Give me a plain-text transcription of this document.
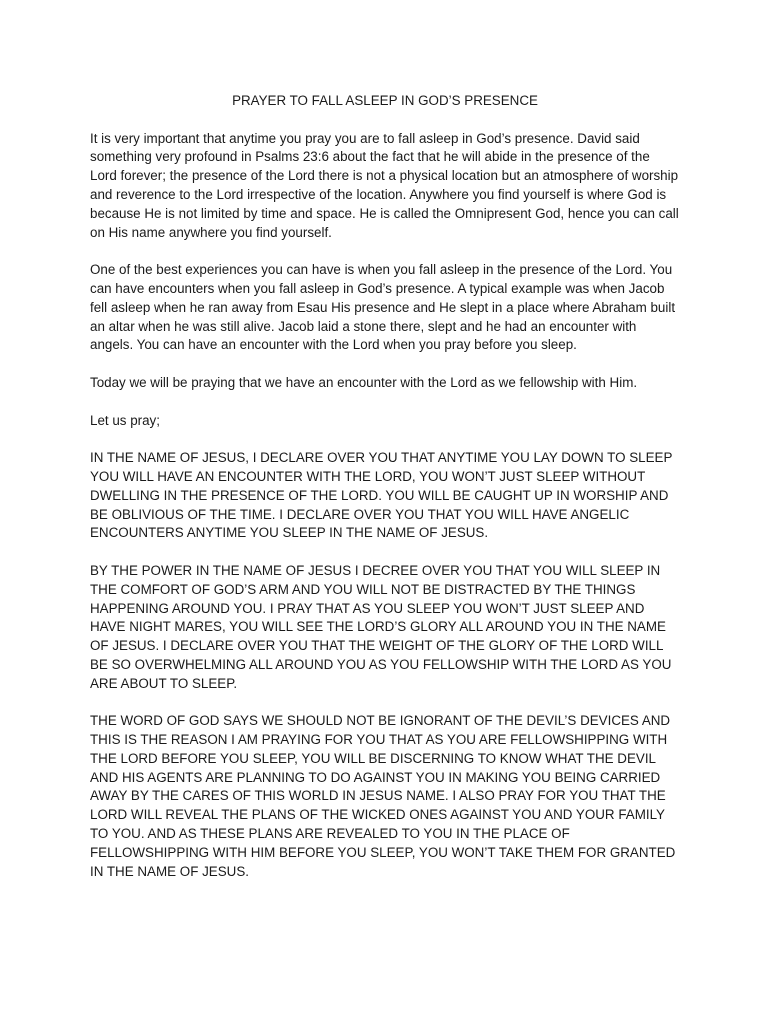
PRAYER TO FALL ASLEEP IN GOD’S PRESENCE

It is very important that anytime you pray you are to fall asleep in God’s presence. David said something very profound in Psalms 23:6 about the fact that he will abide in the presence of the Lord forever; the presence of the Lord there is not a physical location but an atmosphere of worship and reverence to the Lord irrespective of the location. Anywhere you find yourself is where God is because He is not limited by time and space. He is called the Omnipresent God, hence you can call on His name anywhere you find yourself.

One of the best experiences you can have is when you fall asleep in the presence of the Lord. You can have encounters when you fall asleep in God’s presence. A typical example was when Jacob fell asleep when he ran away from Esau His presence and He slept in a place where Abraham built an altar when he was still alive. Jacob laid a stone there, slept and he had an encounter with angels. You can have an encounter with the Lord when you pray before you sleep.

Today we will be praying that we have an encounter with the Lord as we fellowship with Him.

Let us pray;

IN THE NAME OF JESUS, I DECLARE OVER YOU THAT ANYTIME YOU LAY DOWN TO SLEEP YOU WILL HAVE AN ENCOUNTER WITH THE LORD, YOU WON’T JUST SLEEP WITHOUT DWELLING IN THE PRESENCE OF THE LORD. YOU WILL BE CAUGHT UP IN WORSHIP AND BE OBLIVIOUS OF THE TIME. I DECLARE OVER YOU THAT YOU WILL HAVE ANGELIC ENCOUNTERS ANYTIME YOU SLEEP IN THE NAME OF JESUS.

BY THE POWER IN THE NAME OF JESUS I DECREE OVER YOU THAT YOU WILL SLEEP IN THE COMFORT OF GOD’S ARM AND YOU WILL NOT BE DISTRACTED BY THE THINGS HAPPENING AROUND YOU. I PRAY THAT AS YOU SLEEP YOU WON’T JUST SLEEP AND HAVE NIGHT MARES, YOU WILL SEE THE LORD’S GLORY ALL AROUND YOU IN THE NAME OF JESUS. I DECLARE OVER YOU THAT THE WEIGHT OF THE GLORY OF THE LORD WILL BE SO OVERWHELMING ALL AROUND YOU AS YOU FELLOWSHIP WITH THE LORD AS YOU ARE ABOUT TO SLEEP.

THE WORD OF GOD SAYS WE SHOULD NOT BE IGNORANT OF THE DEVIL’S DEVICES AND THIS IS THE REASON I AM PRAYING FOR YOU THAT AS YOU ARE FELLOWSHIPPING WITH THE LORD BEFORE YOU SLEEP, YOU WILL BE DISCERNING TO KNOW WHAT THE DEVIL AND HIS AGENTS ARE PLANNING TO DO AGAINST YOU IN MAKING YOU BEING CARRIED AWAY BY THE CARES OF THIS WORLD IN JESUS NAME. I ALSO PRAY FOR YOU THAT THE LORD WILL REVEAL THE PLANS OF THE WICKED ONES AGAINST YOU AND YOUR FAMILY TO YOU. AND AS THESE PLANS ARE REVEALED TO YOU IN THE PLACE OF FELLOWSHIPPING WITH HIM BEFORE YOU SLEEP, YOU WON’T TAKE THEM FOR GRANTED IN THE NAME OF JESUS.
